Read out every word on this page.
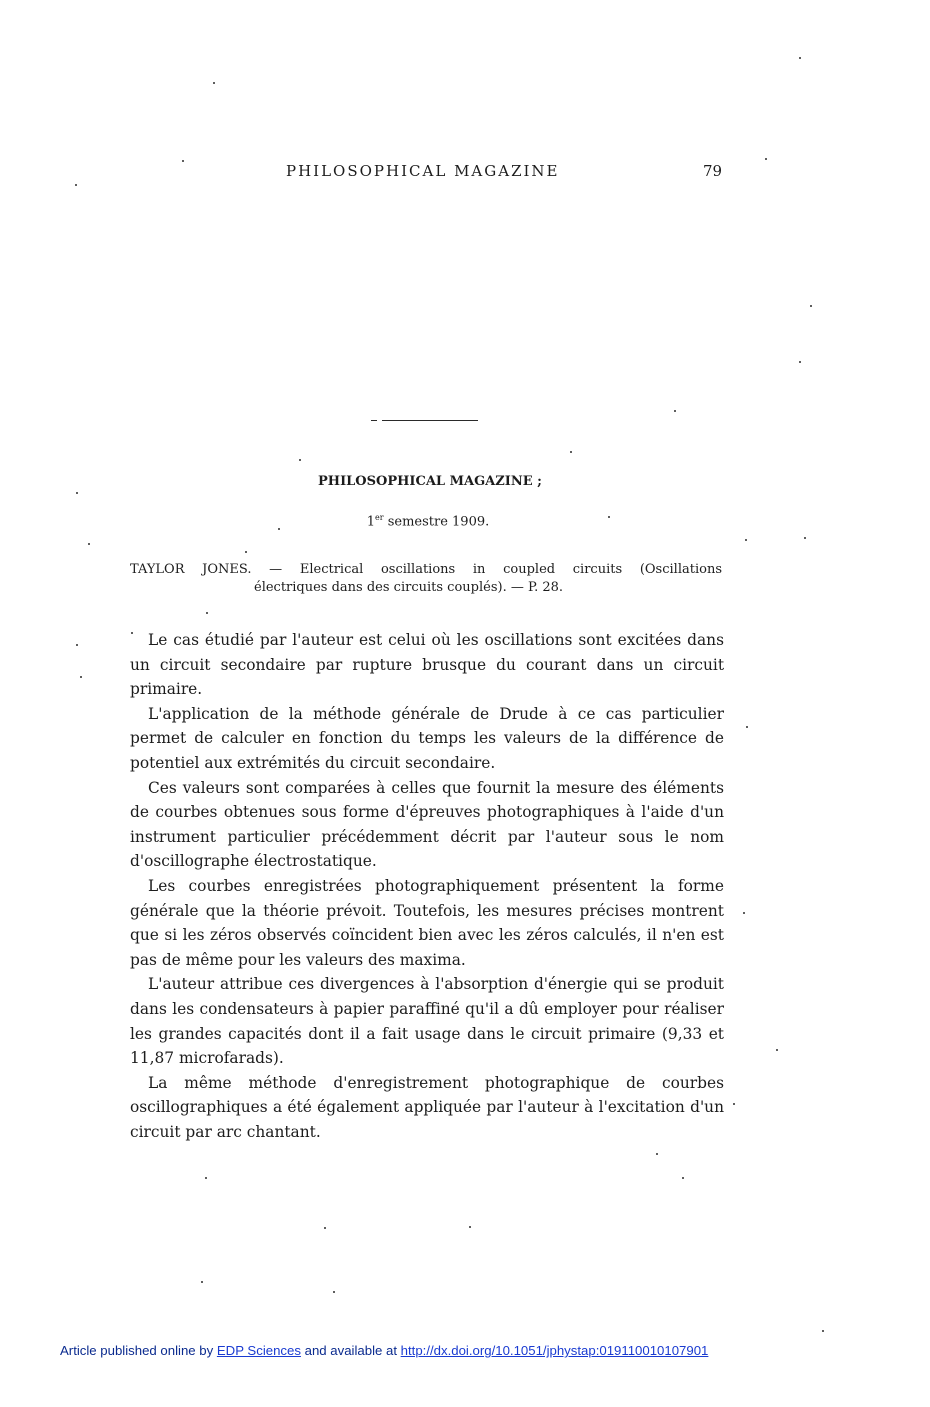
PHILOSOPHICAL MAGAZINE	79
PHILOSOPHICAL MAGAZINE ;
1er semestre 1909.
TAYLOR JONES. — Electrical oscillations in coupled circuits (Oscillations
électriques dans des circuits couplés). — P. 28.

Le cas étudié par l'auteur est celui où les oscillations sont excitées dans un circuit secondaire par rupture brusque du courant dans un circuit primaire.

L'application de la méthode générale de Drude à ce cas particulier permet de calculer en fonction du temps les valeurs de la différence de potentiel aux extrémités du circuit secondaire.

Ces valeurs sont comparées à celles que fournit la mesure des éléments de courbes obtenues sous forme d'épreuves photographiques à l'aide d'un instrument particulier précédemment décrit par l'auteur sous le nom d'oscillographe électrostatique.

Les courbes enregistrées photographiquement présentent la forme générale que la théorie prévoit. Toutefois, les mesures précises montrent que si les zéros observés coïncident bien avec les zéros calculés, il n'en est pas de même pour les valeurs des maxima.

L'auteur attribue ces divergences à l'absorption d'énergie qui se produit dans les condensateurs à papier paraffiné qu'il a dû employer pour réaliser les grandes capacités dont il a fait usage dans le circuit primaire (9,33 et 11,87 microfarads).

La même méthode d'enregistrement photographique de courbes oscillographiques a été également appliquée par l'auteur à l'excitation d'un circuit par arc chantant.

Article published online by EDP Sciences and available at http://dx.doi.org/10.1051/jphystap:019110010107901
